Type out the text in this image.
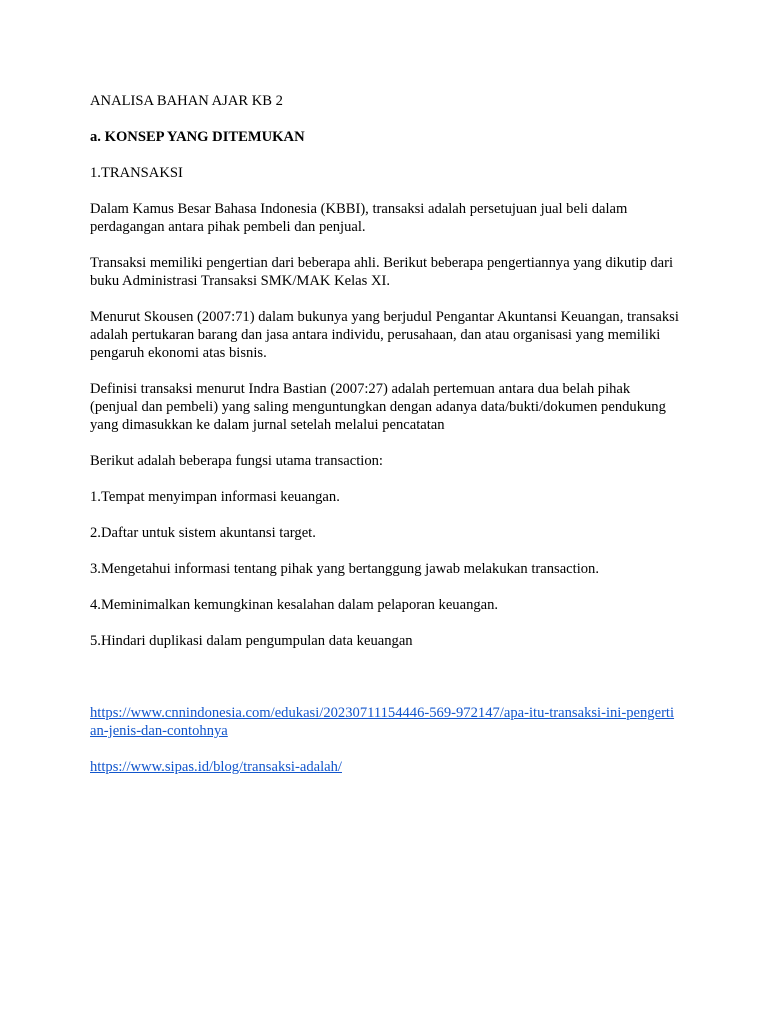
ANALISA BAHAN AJAR KB 2

a. KONSEP YANG DITEMUKAN

1.TRANSAKSI

Dalam Kamus Besar Bahasa Indonesia (KBBI), transaksi adalah persetujuan jual beli dalam perdagangan antara pihak pembeli dan penjual.

Transaksi memiliki pengertian dari beberapa ahli. Berikut beberapa pengertiannya yang dikutip dari buku Administrasi Transaksi SMK/MAK Kelas XI.

Menurut Skousen (2007:71) dalam bukunya yang berjudul Pengantar Akuntansi Keuangan, transaksi adalah pertukaran barang dan jasa antara individu, perusahaan, dan atau organisasi yang memiliki pengaruh ekonomi atas bisnis.

Definisi transaksi menurut Indra Bastian (2007:27) adalah pertemuan antara dua belah pihak (penjual dan pembeli) yang saling menguntungkan dengan adanya data/bukti/dokumen pendukung yang dimasukkan ke dalam jurnal setelah melalui pencatatan

Berikut adalah beberapa fungsi utama transaction:

1.Tempat menyimpan informasi keuangan.

2.Daftar untuk sistem akuntansi target.

3.Mengetahui informasi tentang pihak yang bertanggung jawab melakukan transaction.

4.Meminimalkan kemungkinan kesalahan dalam pelaporan keuangan.

5.Hindari duplikasi dalam pengumpulan data keuangan

https://www.cnnindonesia.com/edukasi/20230711154446-569-972147/apa-itu-transaksi-ini-pengertian-jenis-dan-contohnya

https://www.sipas.id/blog/transaksi-adalah/
